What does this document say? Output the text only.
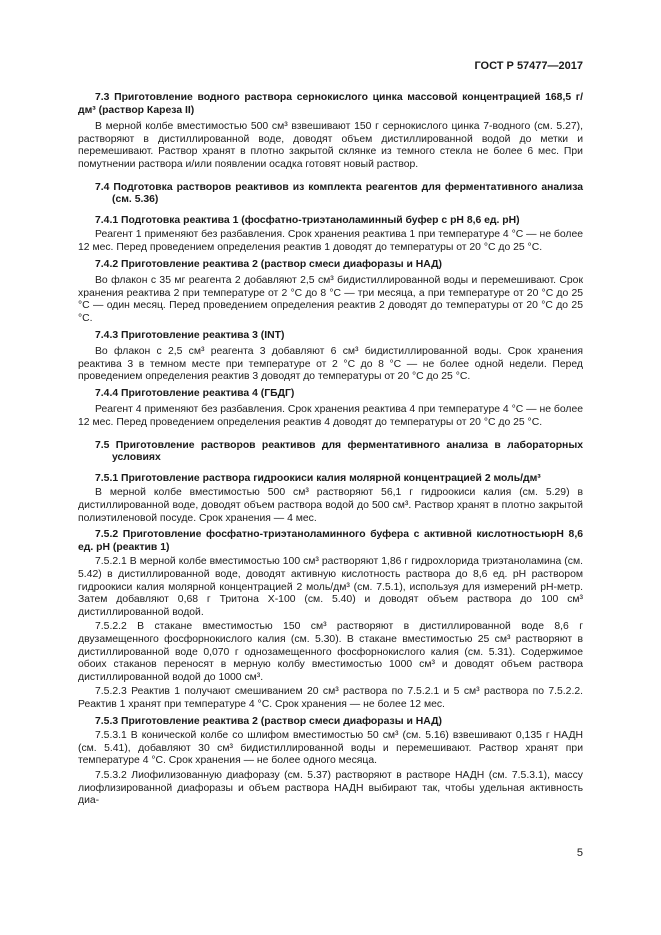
ГОСТ Р 57477—2017

7.3 Приготовление водного раствора сернокислого цинка массовой концентрацией 168,5 г/дм³ (раствор Кареза II)

В мерной колбе вместимостью 500 см³ взвешивают 150 г сернокислого цинка 7-водного (см. 5.27), растворяют в дистиллированной воде, доводят объем дистиллированной водой до метки и перемешивают. Раствор хранят в плотно закрытой склянке из темного стекла не более 6 мес. При помутнении раствора и/или появлении осадка готовят новый раствор.

7.4 Подготовка растворов реактивов из комплекта реагентов для ферментативного анализа (см. 5.36)

7.4.1 Подготовка реактива 1 (фосфатно-триэтаноламинный буфер с pH 8,6 ед. pH)

Реагент 1 применяют без разбавления. Срок хранения реактива 1 при температуре 4 °С — не более 12 мес. Перед проведением определения реактив 1 доводят до температуры от 20 °С до 25 °С.

7.4.2 Приготовление реактива 2 (раствор смеси диафоразы и НАД)

Во флакон с 35 мг реагента 2 добавляют 2,5 см³ бидистиллированной воды и перемешивают. Срок хранения реактива 2 при температуре от 2 °С до 8 °С — три месяца, а при температуре от 20 °С до 25 °С — один месяц. Перед проведением определения реактив 2 доводят до температуры от 20 °С до 25 °С.

7.4.3 Приготовление реактива 3 (INT)

Во флакон с 2,5 см³ реагента 3 добавляют 6 см³ бидистиллированной воды. Срок хранения реактива 3 в темном месте при температуре от 2 °С до 8 °С — не более одной недели. Перед проведением определения реактив 3 доводят до температуры от 20 °С до 25 °С.

7.4.4 Приготовление реактива 4 (ГБДГ)

Реагент 4 применяют без разбавления. Срок хранения реактива 4 при температуре 4 °С — не более 12 мес. Перед проведением определения реактив 4 доводят до температуры от 20 °С до 25 °С.

7.5 Приготовление растворов реактивов для ферментативного анализа в лабораторных условиях

7.5.1 Приготовление раствора гидроокиси калия молярной концентрацией 2 моль/дм³

В мерной колбе вместимостью 500 см³ растворяют 56,1 г гидроокиси калия (см. 5.29) в дистиллированной воде, доводят объем раствора водой до 500 см³. Раствор хранят в плотно закрытой полиэтиленовой посуде. Срок хранения — 4 мес.

7.5.2 Приготовление фосфатно-триэтаноламинного буфера с активной кислотностьюрН 8,6 ед. pH (реактив 1)

7.5.2.1 В мерной колбе вместимостью 100 см³ растворяют 1,86 г гидрохлорида триэтаноламина (см. 5.42) в дистиллированной воде, доводят активную кислотность раствора до 8,6 ед. pH раствором гидроокиси калия молярной концентрацией 2 моль/дм³ (см. 7.5.1), используя для измерений рН-метр. Затем добавляют 0,68 г Тритона Х-100 (см. 5.40) и доводят объем раствора до 100 см³ дистиллированной водой.

7.5.2.2 В стакане вместимостью 150 см³ растворяют в дистиллированной воде 8,6 г двузамещенного фосфорнокислого калия (см. 5.30). В стакане вместимостью 25 см³ растворяют в дистиллированной воде 0,070 г однозамещенного фосфорнокислого калия (см. 5.31). Содержимое обоих стаканов переносят в мерную колбу вместимостью 1000 см³ и доводят объем раствора дистиллированной водой до 1000 см³.

7.5.2.3 Реактив 1 получают смешиванием 20 см³ раствора по 7.5.2.1 и 5 см³ раствора по 7.5.2.2. Реактив 1 хранят при температуре 4 °С. Срок хранения — не более 12 мес.

7.5.3 Приготовление реактива 2 (раствор смеси диафоразы и НАД)

7.5.3.1 В конической колбе со шлифом вместимостью 50 см³ (см. 5.16) взвешивают 0,135 г НАДН (см. 5.41), добавляют 30 см³ бидистиллированной воды и перемешивают. Раствор хранят при температуре 4 °С. Срок хранения — не более одного месяца.

7.5.3.2 Лиофилизованную диафоразу (см. 5.37) растворяют в растворе НАДН (см. 7.5.3.1), массу лиофлизированной диафоразы и объем раствора НАДН выбирают так, чтобы удельная активность диа-

5
